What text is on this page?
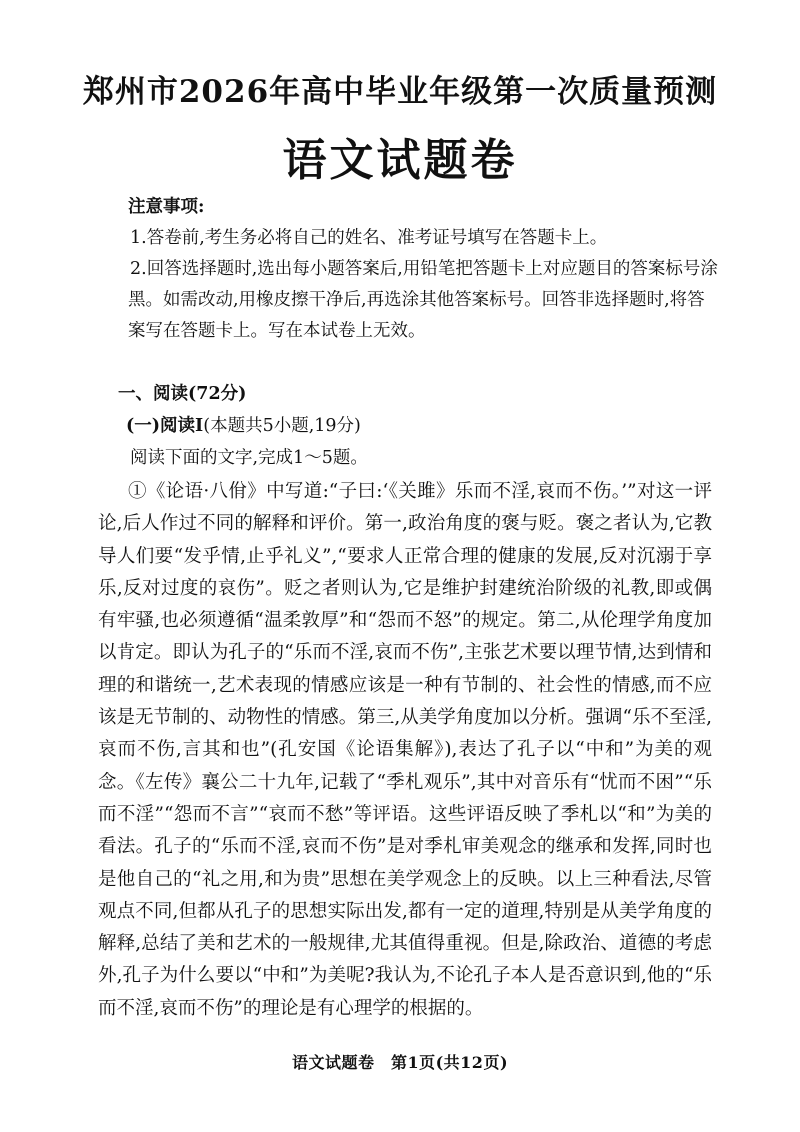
郑州市2026年高中毕业年级第一次质量预测
语文试题卷
注意事项:

1.答卷前,考生务必将自己的姓名、准考证号填写在答题卡上。

2.回答选择题时,选出每小题答案后,用铅笔把答题卡上对应题目的答案标号涂黑。如需改动,用橡皮擦干净后,再选涂其他答案标号。回答非选择题时,将答案写在答题卡上。写在本试卷上无效。

一、阅读(72分)
(一)阅读Ⅰ(本题共5小题,19分)
阅读下面的文字,完成1～5题。

①《论语·八佾》中写道:“子曰:‘《关雎》乐而不淫,哀而不伤。’”对这一评论,后人作过不同的解释和评价。第一,政治角度的褒与贬。褒之者认为,它教导人们要“发乎情,止乎礼义”,“要求人正常合理的健康的发展,反对沉溺于享乐,反对过度的哀伤”。贬之者则认为,它是维护封建统治阶级的礼教,即或偶有牢骚,也必须遵循“温柔敦厚”和“怨而不怒”的规定。第二,从伦理学角度加以肯定。即认为孔子的“乐而不淫,哀而不伤”,主张艺术要以理节情,达到情和理的和谐统一,艺术表现的情感应该是一种有节制的、社会性的情感,而不应该是无节制的、动物性的情感。第三,从美学角度加以分析。强调“乐不至淫,哀而不伤,言其和也”(孔安国《论语集解》),表达了孔子以“中和”为美的观念。《左传》襄公二十九年,记载了“季札观乐”,其中对音乐有“忧而不困”“乐而不淫”“怨而不言”“哀而不愁”等评语。这些评语反映了季札以“和”为美的看法。孔子的“乐而不淫,哀而不伤”是对季札审美观念的继承和发挥,同时也是他自己的“礼之用,和为贵”思想在美学观念上的反映。以上三种看法,尽管观点不同,但都从孔子的思想实际出发,都有一定的道理,特别是从美学角度的解释,总结了美和艺术的一般规律,尤其值得重视。但是,除政治、道德的考虑外,孔子为什么要以“中和”为美呢?我认为,不论孔子本人是否意识到,他的“乐而不淫,哀而不伤”的理论是有心理学的根据的。

语文试题卷　第1页(共12页)
